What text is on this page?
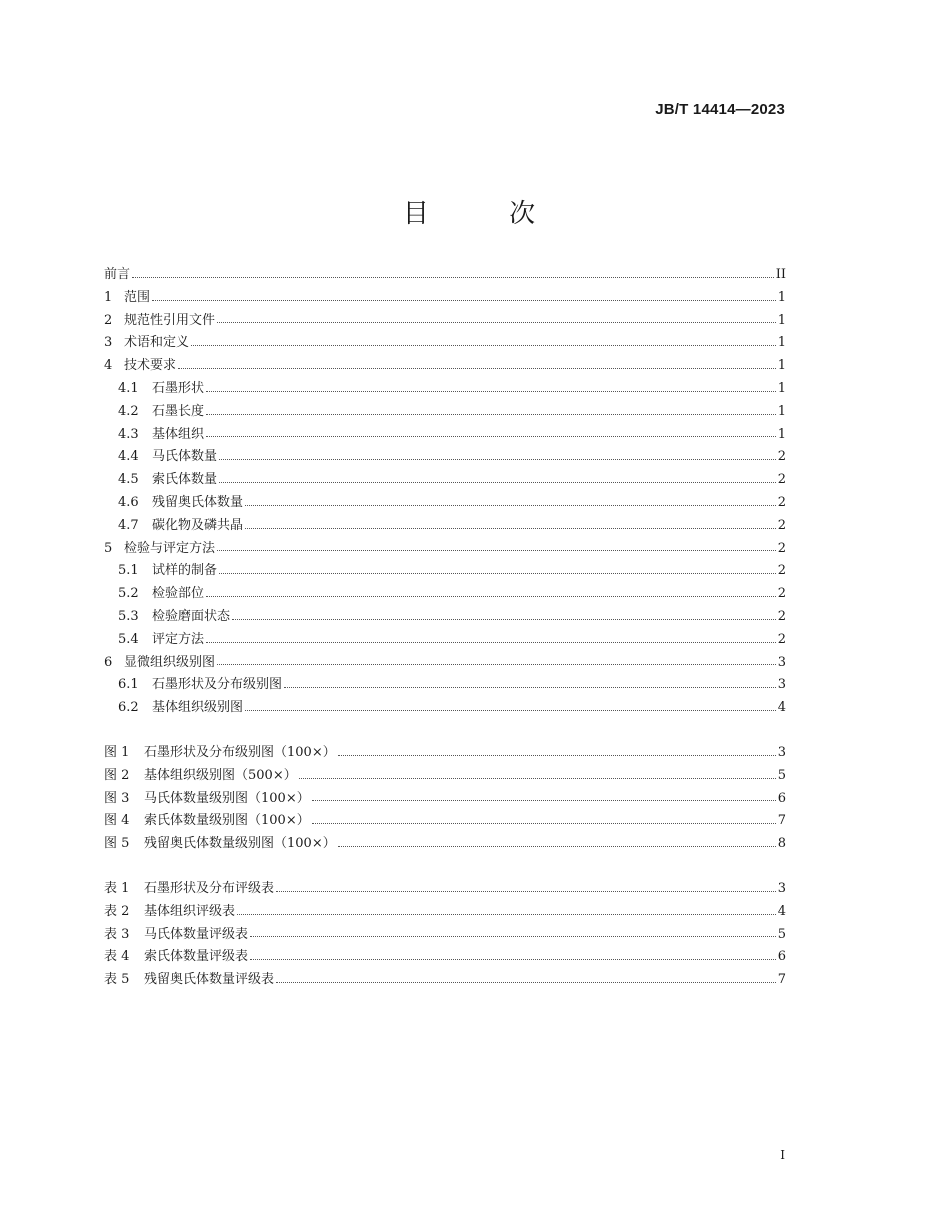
JB/T 14414—2023
目 次
前言	II
1 范围	1
2 规范性引用文件	1
3 术语和定义	1
4 技术要求	1
4.1	石墨形状	1
4.2	石墨长度	1
4.3	基体组织	1
4.4	马氏体数量	2
4.5	索氏体数量	2
4.6	残留奥氏体数量	2
4.7	碳化物及磷共晶	2
5 检验与评定方法	2
5.1	试样的制备	2
5.2	检验部位	2
5.3	检验磨面状态	2
5.4	评定方法	2
6 显微组织级别图	3
6.1	石墨形状及分布级别图	3
6.2	基体组织级别图	4
图 1	石墨形状及分布级别图（100×）	3
图 2	基体组织级别图（500×）	5
图 3	马氏体数量级别图（100×）	6
图 4	索氏体数量级别图（100×）	7
图 5	残留奥氏体数量级别图（100×）	8
表 1	石墨形状及分布评级表	3
表 2	基体组织评级表	4
表 3	马氏体数量评级表	5
表 4	索氏体数量评级表	6
表 5	残留奥氏体数量评级表	7
I
